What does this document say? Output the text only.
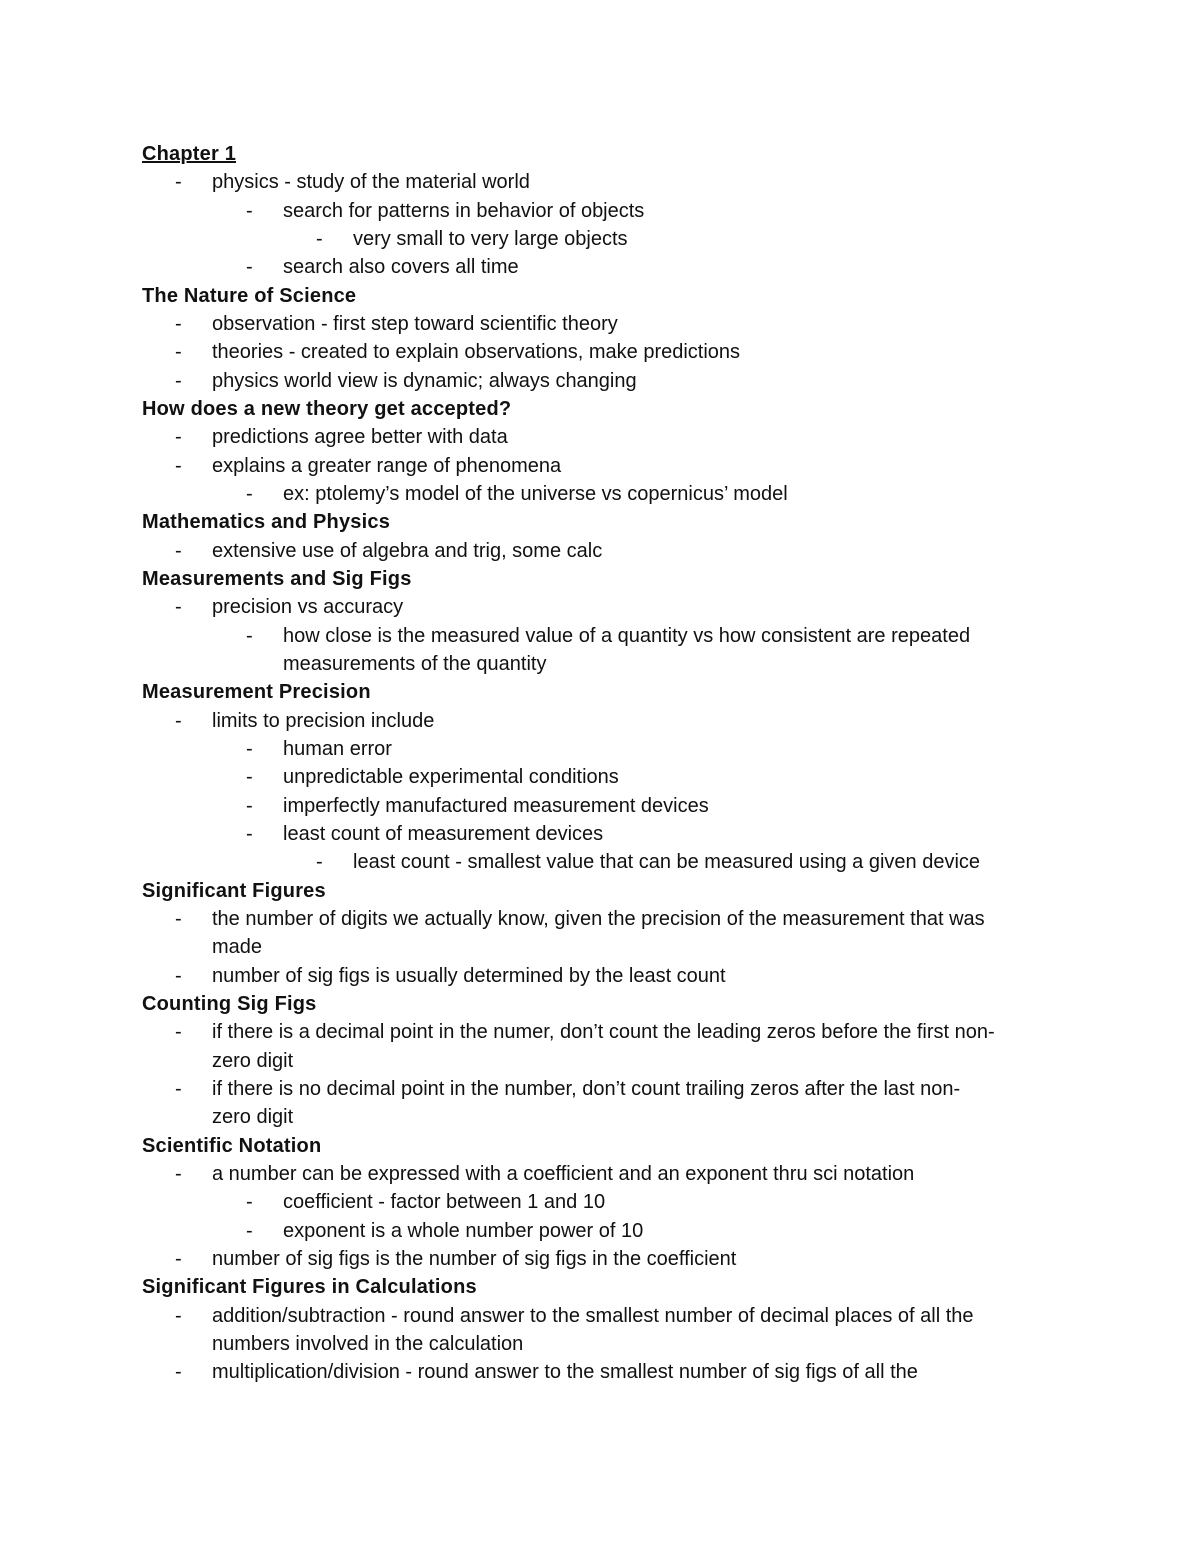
Chapter 1
- physics - study of the material world
- search for patterns in behavior of objects
- very small to very large objects
- search also covers all time
The Nature of Science
- observation - first step toward scientific theory
- theories - created to explain observations, make predictions
- physics world view is dynamic; always changing
How does a new theory get accepted?
- predictions agree better with data
- explains a greater range of phenomena
- ex: ptolemy’s model of the universe vs copernicus’ model
Mathematics and Physics
- extensive use of algebra and trig, some calc
Measurements and Sig Figs
- precision vs accuracy
- how close is the measured value of a quantity vs how consistent are repeated
measurements of the quantity
Measurement Precision
- limits to precision include
- human error
- unpredictable experimental conditions
- imperfectly manufactured measurement devices
- least count of measurement devices
- least count - smallest value that can be measured using a given device
Significant Figures
- the number of digits we actually know, given the precision of the measurement that was
made
- number of sig figs is usually determined by the least count
Counting Sig Figs
- if there is a decimal point in the numer, don’t count the leading zeros before the first non-
zero digit
- if there is no decimal point in the number, don’t count trailing zeros after the last non-
zero digit
Scientific Notation
- a number can be expressed with a coefficient and an exponent thru sci notation
- coefficient - factor between 1 and 10
- exponent is a whole number power of 10
- number of sig figs is the number of sig figs in the coefficient
Significant Figures in Calculations
- addition/subtraction - round answer to the smallest number of decimal places of all the
numbers involved in the calculation
- multiplication/division - round answer to the smallest number of sig figs of all the
